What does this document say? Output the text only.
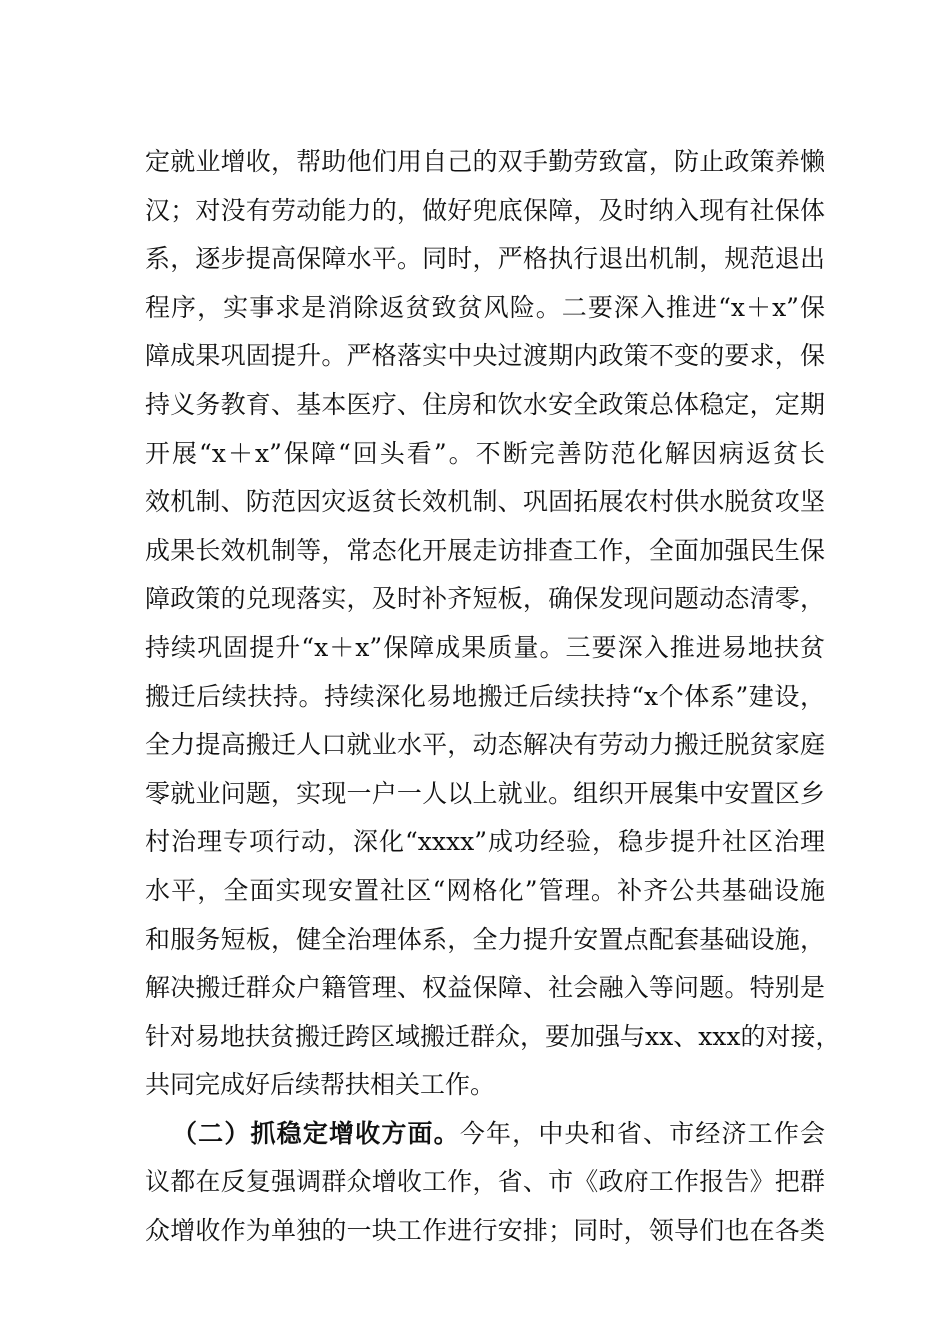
定就业增收，帮助他们用自己的双手勤劳致富，防止政策养懒
汉；对没有劳动能力的，做好兜底保障，及时纳入现有社保体
系，逐步提高保障水平。同时，严格执行退出机制，规范退出
程序，实事求是消除返贫致贫风险。二要深入推进“x＋x”保
障成果巩固提升。严格落实中央过渡期内政策不变的要求，保
持义务教育、基本医疗、住房和饮水安全政策总体稳定，定期
开展“x＋x”保障“回头看”。不断完善防范化解因病返贫长
效机制、防范因灾返贫长效机制、巩固拓展农村供水脱贫攻坚
成果长效机制等，常态化开展走访排查工作，全面加强民生保
障政策的兑现落实，及时补齐短板，确保发现问题动态清零，
持续巩固提升“x＋x”保障成果质量。三要深入推进易地扶贫
搬迁后续扶持。持续深化易地搬迁后续扶持“x个体系”建设，
全力提高搬迁人口就业水平，动态解决有劳动力搬迁脱贫家庭
零就业问题，实现一户一人以上就业。组织开展集中安置区乡
村治理专项行动，深化“xxxx”成功经验，稳步提升社区治理
水平，全面实现安置社区“网格化”管理。补齐公共基础设施
和服务短板，健全治理体系，全力提升安置点配套基础设施，
解决搬迁群众户籍管理、权益保障、社会融入等问题。特别是
针对易地扶贫搬迁跨区域搬迁群众，要加强与xx、xxx的对接，
共同完成好后续帮扶相关工作。
（二）抓稳定增收方面。今年，中央和省、市经济工作会
议都在反复强调群众增收工作，省、市《政府工作报告》把群
众增收作为单独的一块工作进行安排；同时，领导们也在各类
